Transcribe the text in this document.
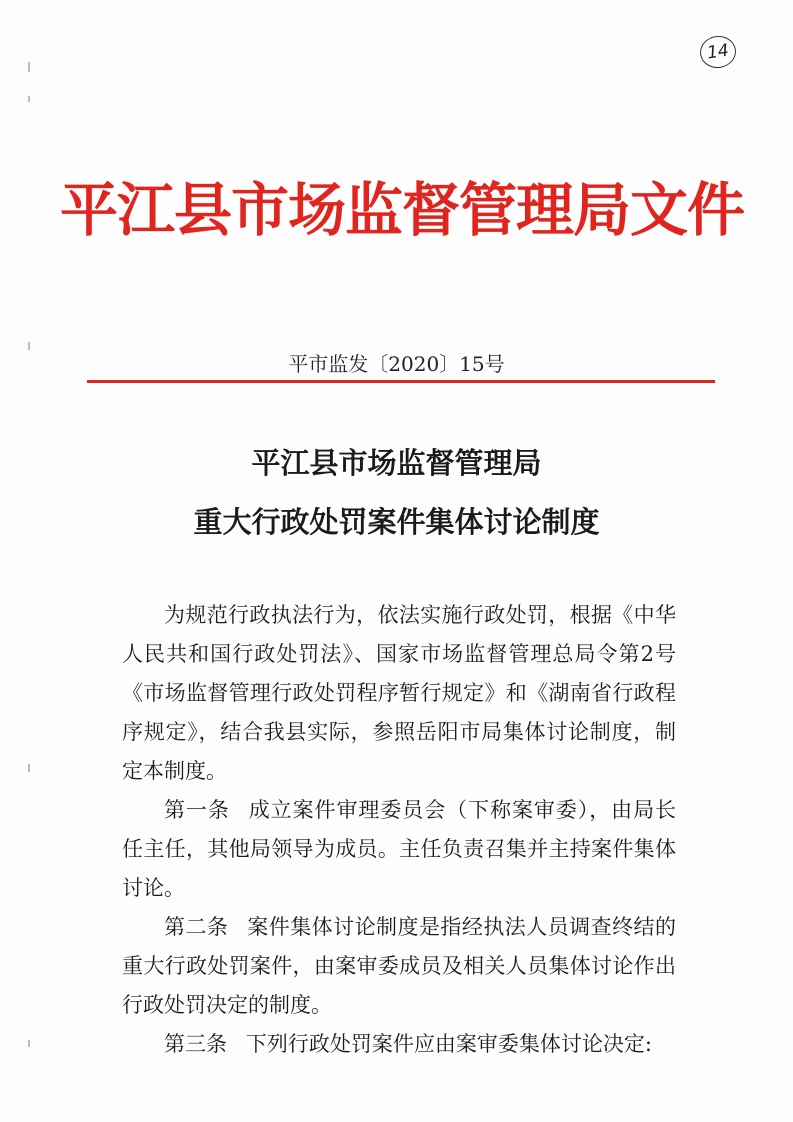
14
平江县市场监督管理局文件
平市监发〔2020〕15号
平江县市场监督管理局
重大行政处罚案件集体讨论制度

为规范行政执法行为，依法实施行政处罚，根据《中华人民共和国行政处罚法》、国家市场监督管理总局令第2号《市场监督管理行政处罚程序暂行规定》和《湖南省行政程序规定》，结合我县实际，参照岳阳市局集体讨论制度，制定本制度。

第一条 成立案件审理委员会（下称案审委），由局长任主任，其他局领导为成员。主任负责召集并主持案件集体讨论。

第二条 案件集体讨论制度是指经执法人员调查终结的重大行政处罚案件，由案审委成员及相关人员集体讨论作出行政处罚决定的制度。

第三条 下列行政处罚案件应由案审委集体讨论决定:
